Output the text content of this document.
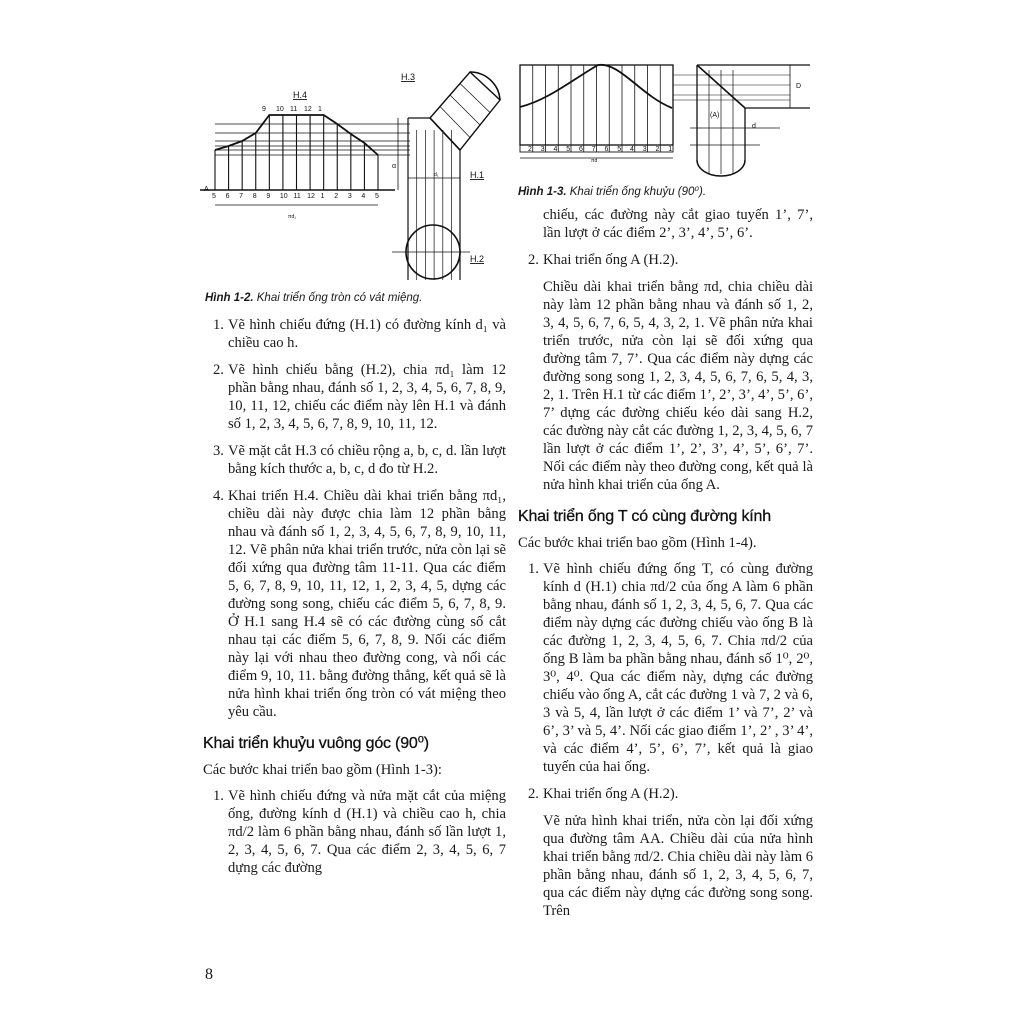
5 6 7 8 9 10 11 12 1 2 3 4 5
9 10 11 12 1
H.4
H.3
H.1
H.2
A
πd₁
α
d₁
Hình 1-2. Khai triển ống tròn có vát miệng.
2 3 4 5 6 7 6 5 4 3 2 1
πd
(A)
d
D
Hình 1-3. Khai triển ống khuỷu (90⁰).
1. Vẽ hình chiếu đứng (H.1) có đường kính d₁ và chiều cao h.
2. Vẽ hình chiếu bằng (H.2), chia πd₁ làm 12 phần bằng nhau, đánh số 1, 2, 3, 4, 5, 6, 7, 8, 9, 10, 11, 12, chiếu các điểm này lên H.1 và đánh số 1, 2, 3, 4, 5, 6, 7, 8, 9, 10, 11, 12.
3. Vẽ mặt cắt H.3 có chiều rộng a, b, c, d. lần lượt bằng kích thước a, b, c, d đo từ H.2.
4. Khai triển H.4. Chiều dài khai triển bằng πd₁, chiều dài này được chia làm 12 phần bằng nhau và đánh số 1, 2, 3, 4, 5, 6, 7, 8, 9, 10, 11, 12. Vẽ phân nửa khai triển trước, nửa còn lại sẽ đối xứng qua đường tâm 11-11. Qua các điểm 5, 6, 7, 8, 9, 10, 11, 12, 1, 2, 3, 4, 5, dựng các đường song song, chiếu các điểm 5, 6, 7, 8, 9. Ở H.1 sang H.4 sẽ có các đường cùng số cắt nhau tại các điểm 5, 6, 7, 8, 9. Nối các điểm này lại với nhau theo đường cong, và nối các điểm 9, 10, 11. bằng đường thẳng, kết quả sẽ là nửa hình khai triển ống tròn có vát miệng theo yêu cầu.
Khai triển khuỷu vuông góc (90⁰)
Các bước khai triển bao gồm (Hình 1-3):
1. Vẽ hình chiếu đứng và nửa mặt cắt của miệng ống, đường kính d (H.1) và chiều cao h, chia πd/2 làm 6 phần bằng nhau, đánh số lần lượt 1, 2, 3, 4, 5, 6, 7. Qua các điểm 2, 3, 4, 5, 6, 7 dựng các đường
chiếu, các đường này cắt giao tuyến 1’, 7’, lần lượt ở các điểm 2’, 3’, 4’, 5’, 6’.
2. Khai triển ống A (H.2).
Chiều dài khai triển bằng πd, chia chiều dài này làm 12 phần bằng nhau và đánh số 1, 2, 3, 4, 5, 6, 7, 6, 5, 4, 3, 2, 1. Vẽ phân nửa khai triển trước, nửa còn lại sẽ đối xứng qua đường tâm 7, 7’. Qua các điểm này dựng các đường song song 1, 2, 3, 4, 5, 6, 7, 6, 5, 4, 3, 2, 1. Trên H.1 từ các điểm 1’, 2’, 3’, 4’, 5’, 6’, 7’ dựng các đường chiếu kéo dài sang H.2, các đường này cắt các đường 1, 2, 3, 4, 5, 6, 7 lần lượt ở các điểm 1’, 2’, 3’, 4’, 5’, 6’, 7’. Nối các điểm này theo đường cong, kết quả là nửa hình khai triển của ống A.
Khai triển ống T có cùng đường kính
Các bước khai triển bao gồm (Hình 1-4).
1. Vẽ hình chiếu đứng ống T, có cùng đường kính d (H.1) chia πd/2 của ống A làm 6 phần bằng nhau, đánh số 1, 2, 3, 4, 5, 6, 7. Qua các điểm này dựng các đường chiếu vào ống B là các đường 1, 2, 3, 4, 5, 6, 7. Chia πd/2 của ống B làm ba phần bằng nhau, đánh số 1⁰, 2⁰, 3⁰, 4⁰. Qua các điểm này, dựng các đường chiếu vào ống A, cắt các đường 1 và 7, 2 và 6, 3 và 5, 4, lần lượt ở các điểm 1’ và 7’, 2’ và 6’, 3’ và 5, 4’. Nối các giao điểm 1’, 2’ , 3’ 4’, và các điểm 4’, 5’, 6’, 7’, kết quả là giao tuyến của hai ống.
2. Khai triển ống A (H.2).
Vẽ nửa hình khai triển, nửa còn lại đối xứng qua đường tâm AA. Chiều dài của nửa hình khai triển bằng πd/2. Chia chiều dài này làm 6 phần bằng nhau, đánh số 1, 2, 3, 4, 5, 6, 7, qua các điểm này dựng các đường song song. Trên
8
